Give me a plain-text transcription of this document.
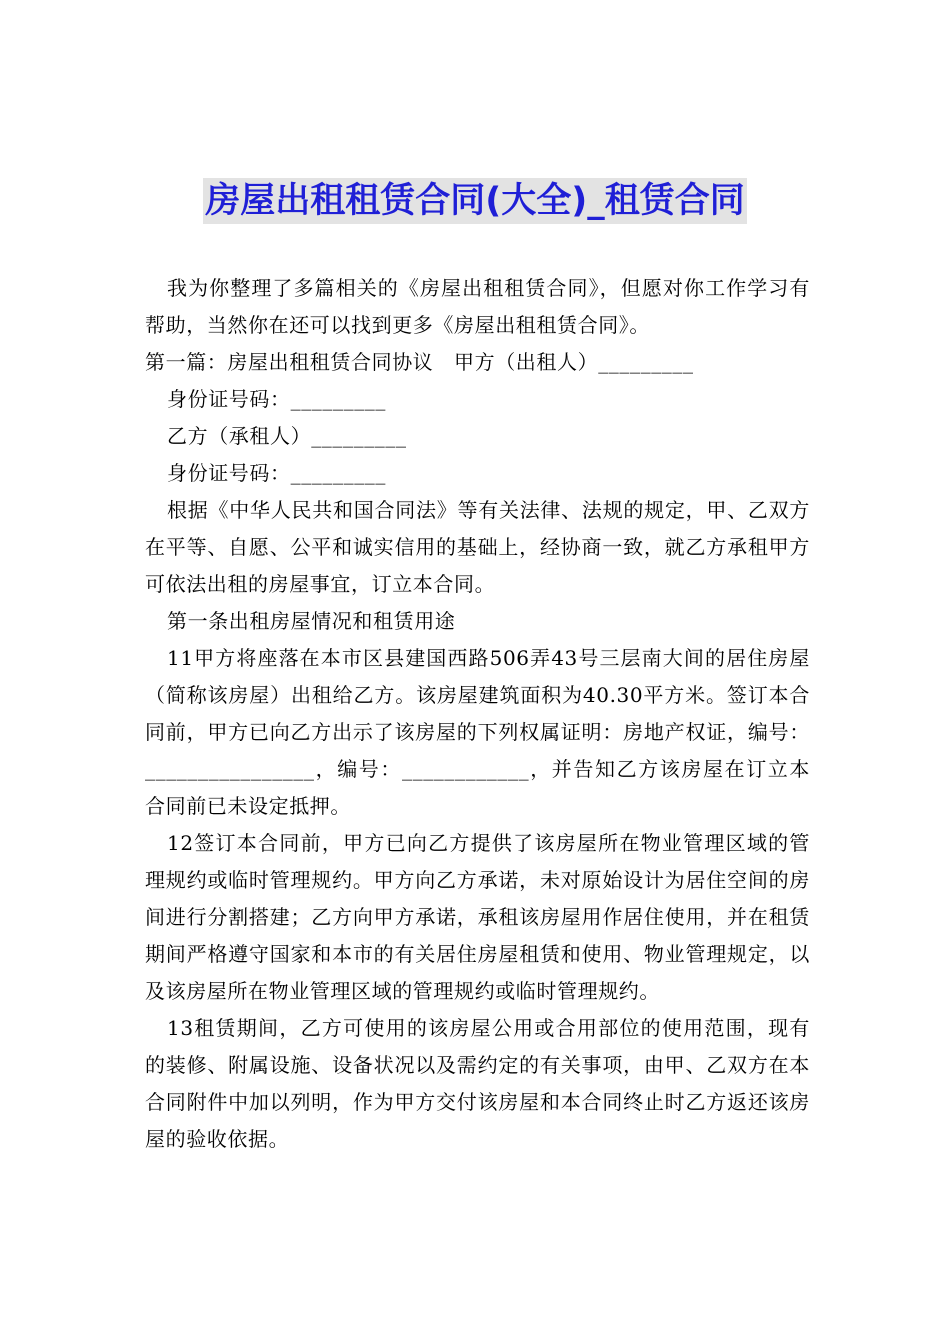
房屋出租租赁合同(大全)_租赁合同

我为你整理了多篇相关的《房屋出租租赁合同》，但愿对你工作学习有帮助，当然你在还可以找到更多《房屋出租租赁合同》。

第一篇：房屋出租租赁合同协议　甲方（出租人）_________

身份证号码：_________

乙方（承租人）_________

身份证号码：_________

根据《中华人民共和国合同法》等有关法律、法规的规定，甲、乙双方在平等、自愿、公平和诚实信用的基础上，经协商一致，就乙方承租甲方可依法出租的房屋事宜，订立本合同。

第一条出租房屋情况和租赁用途

11甲方将座落在本市区县建国西路506弄43号三层南大间的居住房屋（简称该房屋）出租给乙方。该房屋建筑面积为40.30平方米。签订本合同前，甲方已向乙方出示了该房屋的下列权属证明：房地产权证，编号：________________，编号：____________，并告知乙方该房屋在订立本合同前已未设定抵押。

12签订本合同前，甲方已向乙方提供了该房屋所在物业管理区域的管理规约或临时管理规约。甲方向乙方承诺，未对原始设计为居住空间的房间进行分割搭建；乙方向甲方承诺，承租该房屋用作居住使用，并在租赁期间严格遵守国家和本市的有关居住房屋租赁和使用、物业管理规定，以及该房屋所在物业管理区域的管理规约或临时管理规约。

13租赁期间，乙方可使用的该房屋公用或合用部位的使用范围，现有的装修、附属设施、设备状况以及需约定的有关事项，由甲、乙双方在本合同附件中加以列明，作为甲方交付该房屋和本合同终止时乙方返还该房屋的验收依据。
